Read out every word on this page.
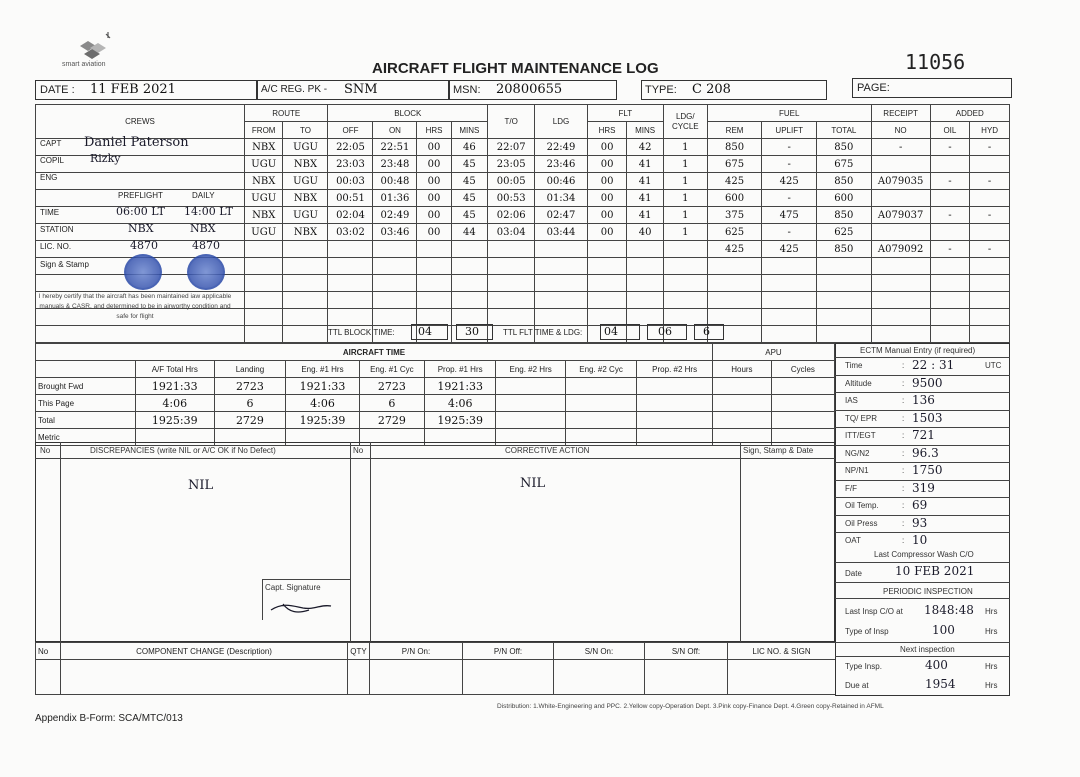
smart aviation	AIRCRAFT FLIGHT MAINTENANCE LOG	11056
DATE : 11 FEB 2021	A/C REG. PK - SNM	MSN: 20800655	TYPE: C 208	PAGE:
CREWS	ROUTE		BLOCK				T/O	LDG	FLT		LDG/ CYCLE	FUEL			RECEIPT	ADDED	
	FROM	TO	OFF	ON	HRS	MINS			HRS	MINS		REM	UPLIFT	TOTAL	NO	OIL	HYD
	NBX	UGU	22:05	22:51	00	46	22:07	22:49	00	42	1	850	-	850	-	-	-
	UGU	NBX	23:03	23:48	00	45	23:05	23:46	00	41	1	675	-	675			
	NBX	UGU	00:03	00:48	00	45	00:05	00:46	00	41	1	425	425	850	A079035	-	-
	UGU	NBX	00:51	01:36	00	45	00:53	01:34	00	41	1	600	-	600			
	NBX	UGU	02:04	02:49	00	45	02:06	02:47	00	41	1	375	475	850	A079037	-	-
	UGU	NBX	03:02	03:46	00	44	03:04	03:44	00	40	1	625	-	625			
												425	425	850	A079092	-	-

CAPT Daniel Paterson
COPIL Rizky
ENG
PREFLIGHT	DAILY
TIME	06:00 LT 14:00 LT
STATION	NBX	NBX
LIC. NO.	4870	4870
Sign & Stamp
I hereby certify that the aircraft has been maintained iaw applicable manuals & CASR, and determined to be in airworthy condition and safe for flight
TTL BLOCK TIME: 04	30	TTL FLT TIME & LDG: 04	06	6
AIRCRAFT TIME									APU	
	A/F Total Hrs	Landing	Eng. #1 Hrs	Eng. #1 Cyc	Prop. #1 Hrs	Eng. #2 Hrs	Eng. #2 Cyc	Prop. #2 Hrs	Hours	Cycles
Brought Fwd	1921:33	2723	1921:33	2723	1921:33					
This Page	4:06	6	4:06	6	4:06					
Total	1925:39	2729	1925:39	2729	1925:39					
Metric										
No	DISCREPANCIES (write NIL or A/C OK if No Defect)	No	CORRECTIVE ACTION	Sign, Stamp & Date
NIL	NIL
Capt. Signature
No	COMPONENT CHANGE (Description)	QTY	P/N On:	P/N Off:	S/N On:	S/N Off:	LIC NO. & SIGN

ECTM Manual Entry (if required)
Time	: 22 : 31	UTC
Altitude	: 9500
IAS	: 136
TQ/ EPR	: 1503
ITT/EGT	: 721
NG/N2	: 96.3
NP/N1	: 1750
F/F	: 319
Oil Temp.	: 69
Oil Press	: 93
OAT	: 10
Last Compressor Wash C/O
Date	10 FEB 2021
PERIODIC INSPECTION
Last Insp C/O at 1848:48 Hrs
Type of Insp	100	Hrs
Next inspection
Type Insp.	400	Hrs
Due at	1954	Hrs
Appendix B-Form: SCA/MTC/013
Distribution: 1.White-Engineering and PPC. 2.Yellow copy-Operation Dept. 3.Pink copy-Finance Dept. 4.Green copy-Retained in AFML
